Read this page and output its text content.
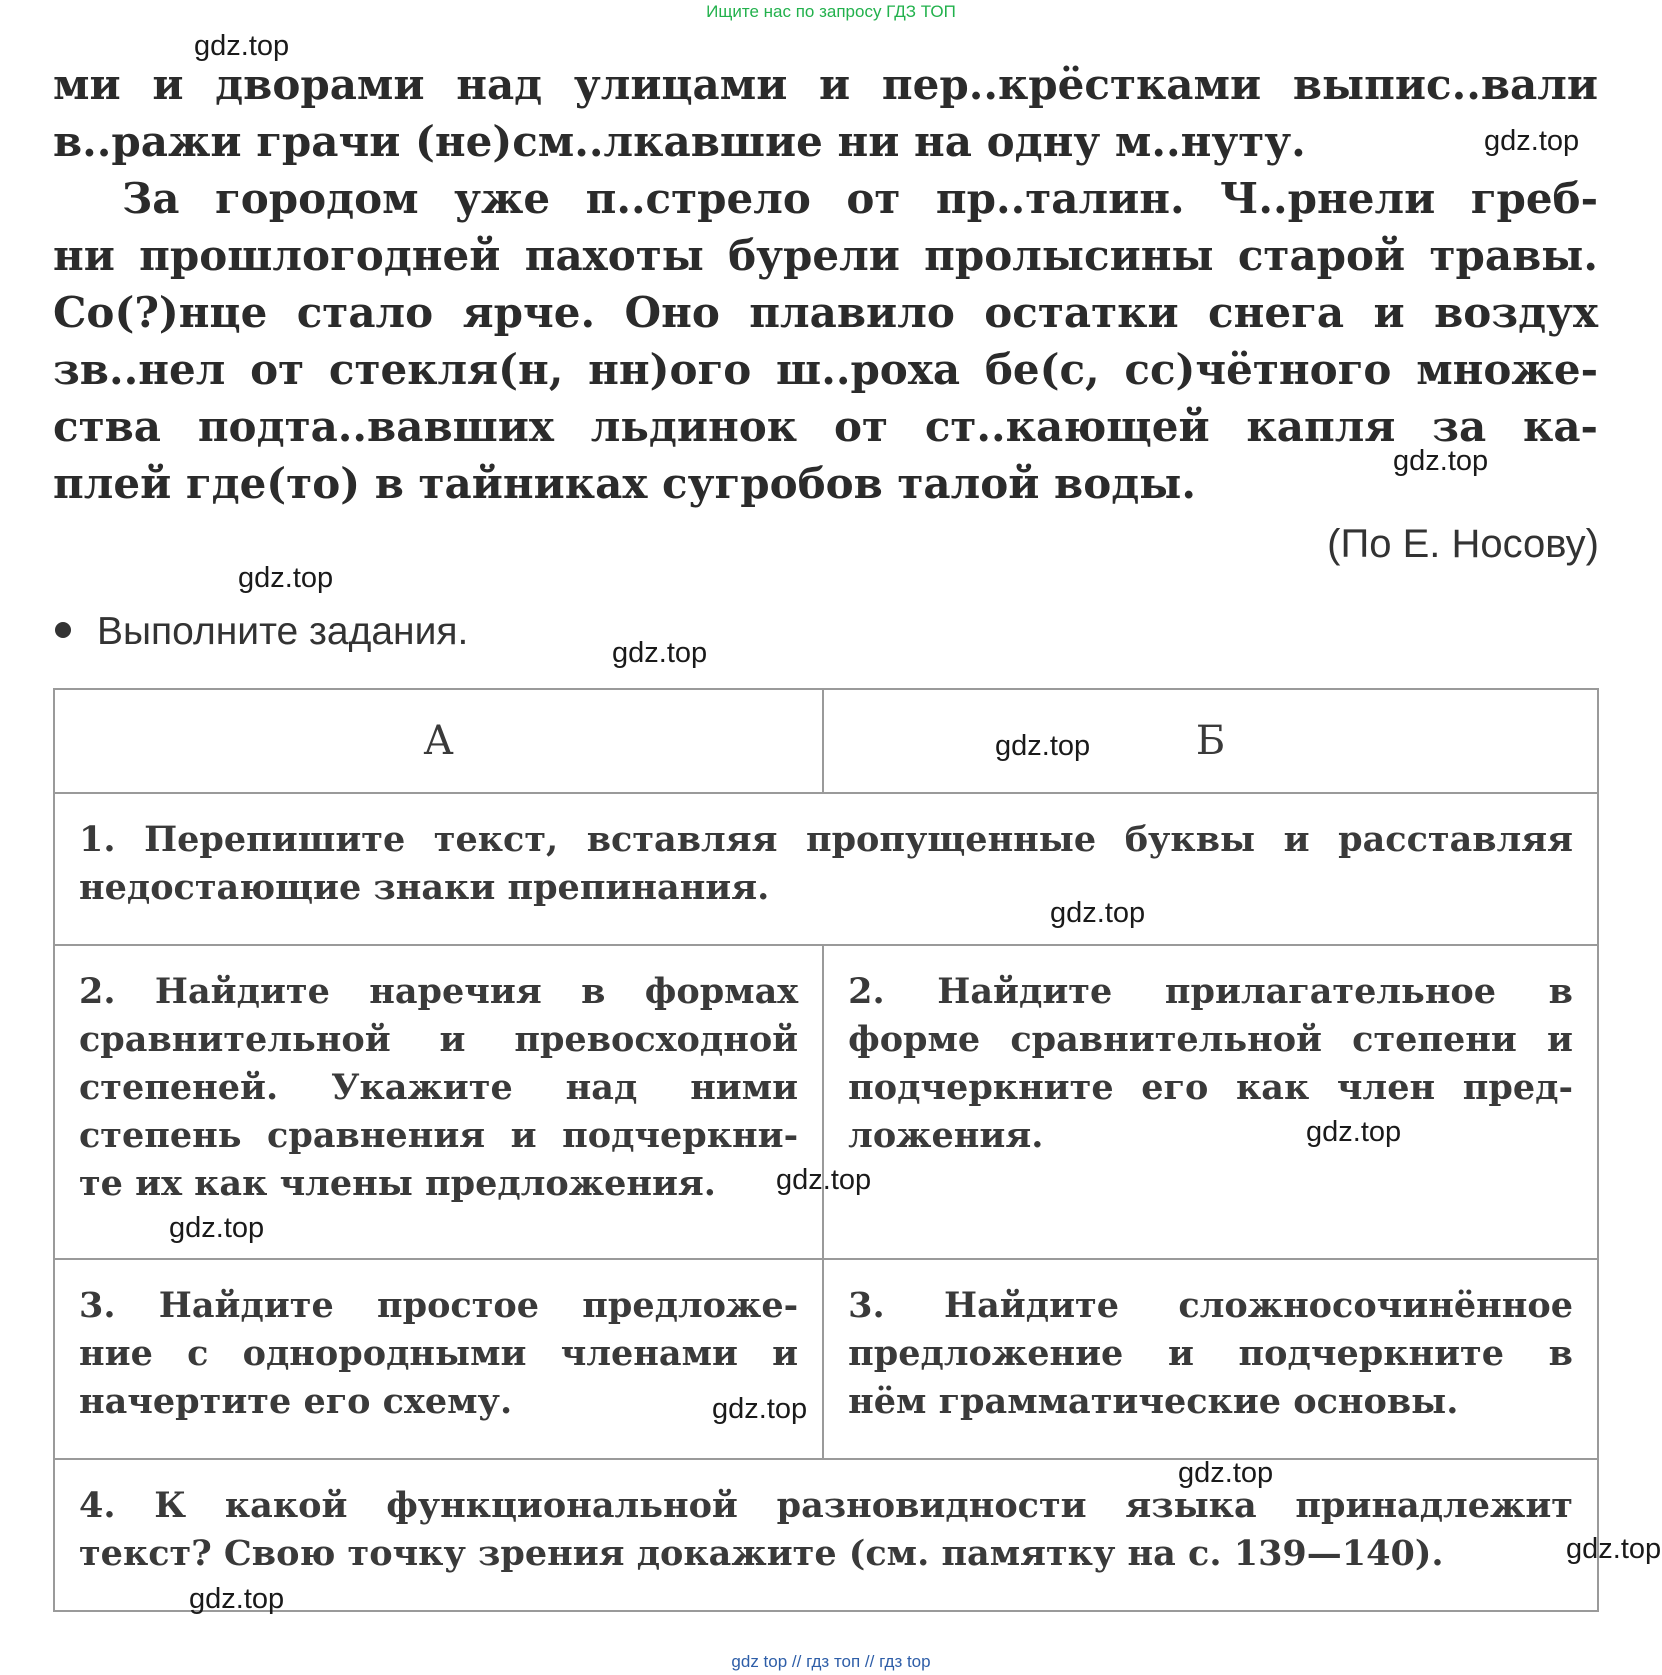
Ищите нас по запросу ГДЗ ТОП
ми и дворами над улицами и пер..крёстками выпис..вали
в..ражи грачи (не)см..лкавшие ни на одну м..нуту.
За городом уже п..стрело от пр..талин. Ч..рнели греб-
ни прошлогодней пахоты бурели пролысины старой травы.
Со(?)нце стало ярче. Оно плавило остатки снега и воздух
зв..нел от стекля(н, нн)ого ш..роха бе(с, сс)чётного множе-
ства подта..вавших льдинок от ст..кающей капля за ка-
плей где(то) в тайниках сугробов талой воды.
(По Е. Носову)
Выполните задания.
А	Б

1. Перепишите текст, вставляя пропущенные буквы и расставляя
недостающие знаки препинания.	

2. Найдите наречия в формах
сравнительной и превосходной
степеней. Укажите над ними
степень сравнения и подчеркни-
те их как члены предложения.	2. Найдите прилагательное в
форме сравнительной степени и
подчеркните его как член пред-
ложения.

3. Найдите простое предложе-
ние с однородными членами и
начертите его схему.	3. Найдите сложносочинённое
предложение и подчеркните в
нём грамматические основы.

4. К какой функциональной разновидности языка принадлежит
текст? Свою точку зрения докажите (см. памятку на с. 139—140).	
gdz.top
gdz.top
gdz.top
gdz.top
gdz.top
gdz.top
gdz.top
gdz.top
gdz.top
gdz.top
gdz.top
gdz.top
gdz.top
gdz.top
gdz top // гдз топ // гдз top
